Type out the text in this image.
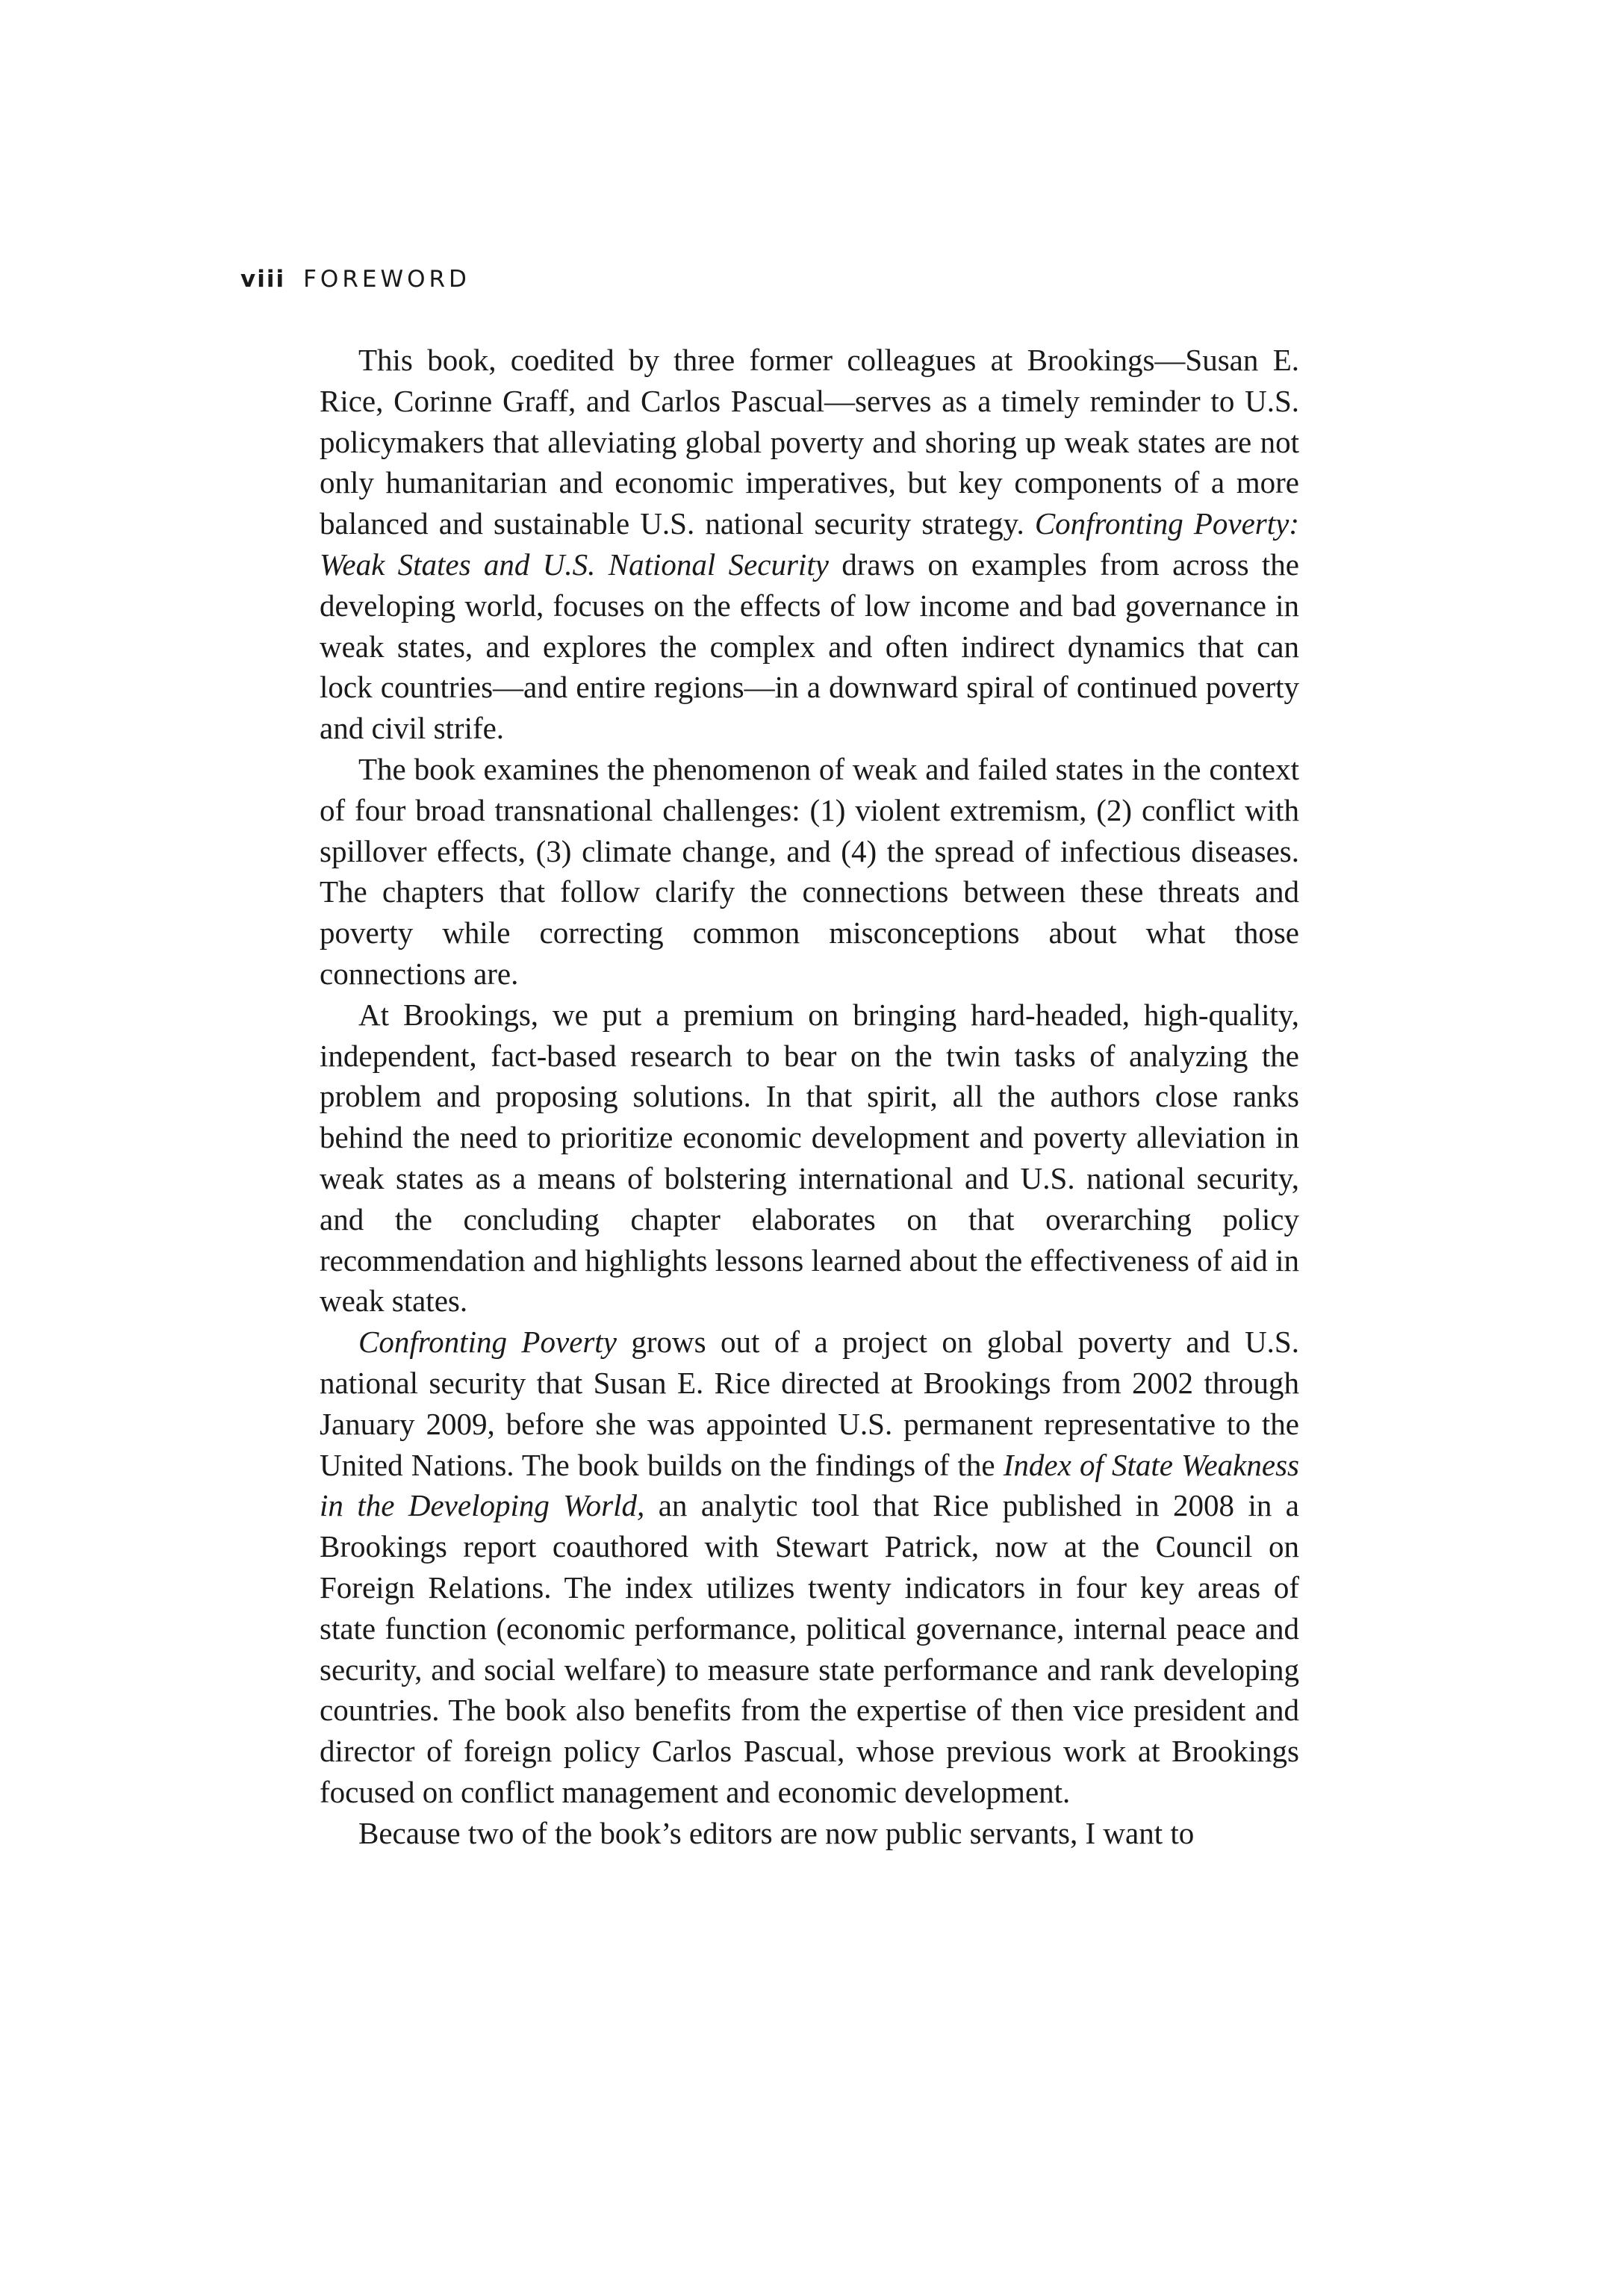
viii FOREWORD

This book, coedited by three former colleagues at Brookings—Susan E. Rice, Corinne Graff, and Carlos Pascual—serves as a timely reminder to U.S. policymakers that alleviating global poverty and shoring up weak states are not only humanitarian and economic imperatives, but key components of a more balanced and sustainable U.S. national security strategy. Confronting Poverty: Weak States and U.S. National Security draws on examples from across the developing world, focuses on the effects of low income and bad governance in weak states, and explores the complex and often indirect dynamics that can lock countries—and entire regions—in a downward spiral of continued poverty and civil strife.

The book examines the phenomenon of weak and failed states in the context of four broad transnational challenges: (1) violent extremism, (2) conflict with spillover effects, (3) climate change, and (4) the spread of infectious diseases. The chapters that follow clarify the connections between these threats and poverty while correcting common misconceptions about what those connections are.

At Brookings, we put a premium on bringing hard-headed, high-quality, independent, fact-based research to bear on the twin tasks of analyzing the problem and proposing solutions. In that spirit, all the authors close ranks behind the need to prioritize economic development and poverty alleviation in weak states as a means of bolstering international and U.S. national security, and the concluding chapter elaborates on that overarching policy recommendation and highlights lessons learned about the effectiveness of aid in weak states.

Confronting Poverty grows out of a project on global poverty and U.S. national security that Susan E. Rice directed at Brookings from 2002 through January 2009, before she was appointed U.S. permanent representative to the United Nations. The book builds on the findings of the Index of State Weakness in the Developing World, an analytic tool that Rice published in 2008 in a Brookings report coauthored with Stewart Patrick, now at the Council on Foreign Relations. The index utilizes twenty indicators in four key areas of state function (economic performance, political governance, internal peace and security, and social welfare) to measure state performance and rank developing countries. The book also benefits from the expertise of then vice president and director of foreign policy Carlos Pascual, whose previous work at Brookings focused on conflict management and economic development.

Because two of the book’s editors are now public servants, I want to
